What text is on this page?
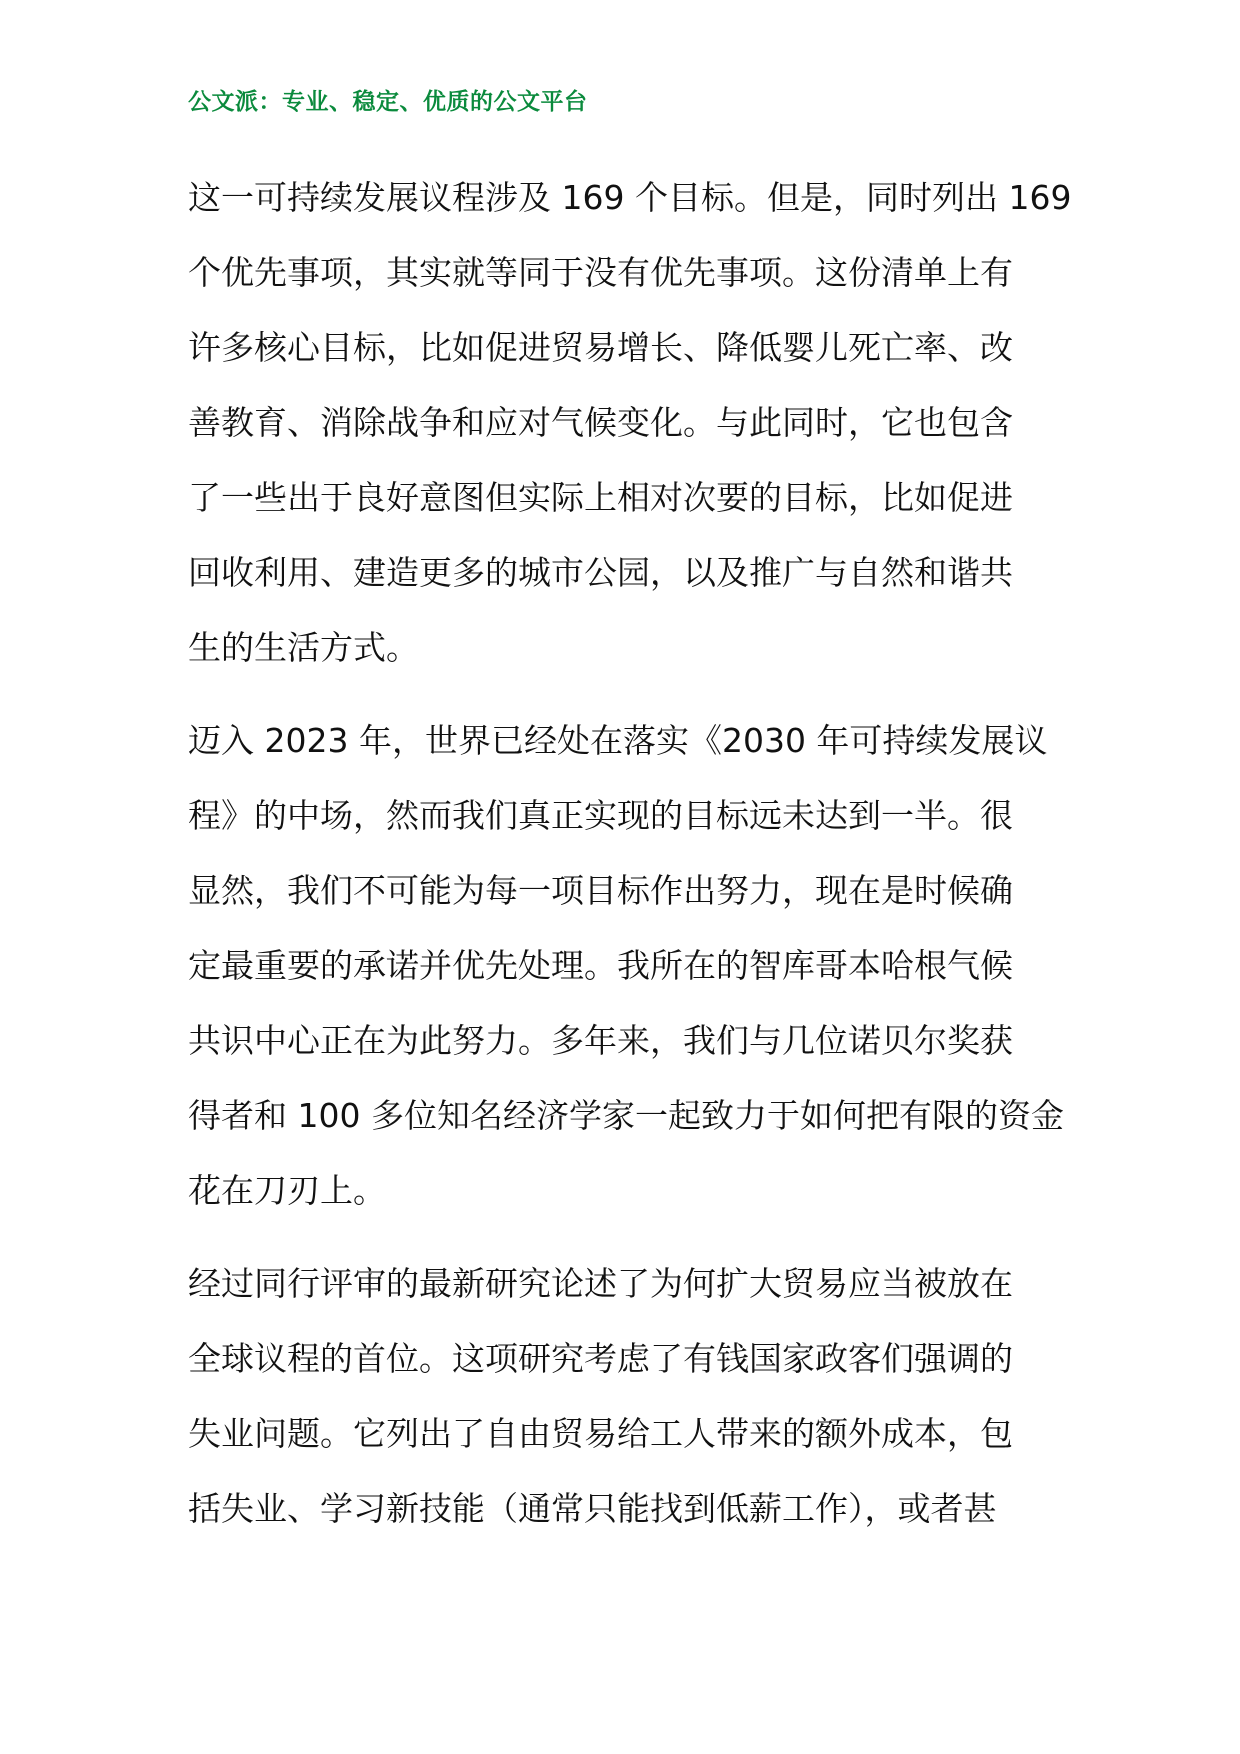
公文派：专业、稳定、优质的公文平台
这一可持续发展议程涉及 169 个目标。但是，同时列出 169
个优先事项，其实就等同于没有优先事项。这份清单上有
许多核心目标，比如促进贸易增长、降低婴儿死亡率、改
善教育、消除战争和应对气候变化。与此同时，它也包含
了一些出于良好意图但实际上相对次要的目标，比如促进
回收利用、建造更多的城市公园，以及推广与自然和谐共
生的生活方式。
迈入 2023 年，世界已经处在落实《2030 年可持续发展议
程》的中场，然而我们真正实现的目标远未达到一半。很
显然，我们不可能为每一项目标作出努力，现在是时候确
定最重要的承诺并优先处理。我所在的智库哥本哈根气候
共识中心正在为此努力。多年来，我们与几位诺贝尔奖获
得者和 100 多位知名经济学家一起致力于如何把有限的资金
花在刀刃上。
经过同行评审的最新研究论述了为何扩大贸易应当被放在
全球议程的首位。这项研究考虑了有钱国家政客们强调的
失业问题。它列出了自由贸易给工人带来的额外成本，包
括失业、学习新技能（通常只能找到低薪工作），或者甚
